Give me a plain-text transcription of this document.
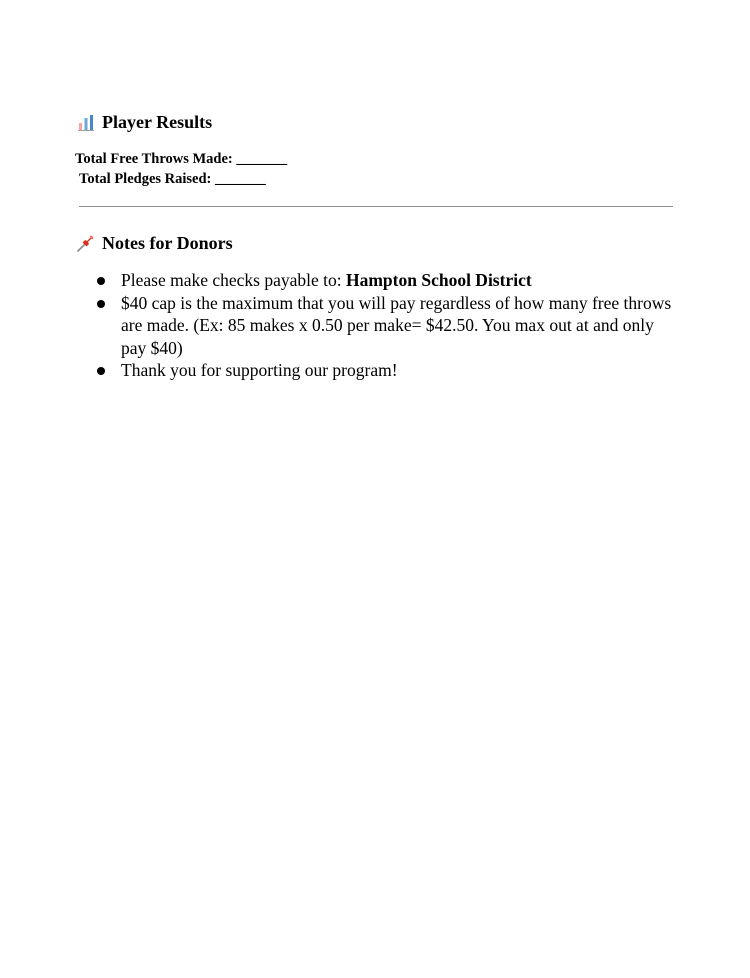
Player Results
Total Free Throws Made: _______
Total Pledges Raised: _______
Notes for Donors
Please make checks payable to: Hampton School District
$40 cap is the maximum that you will pay regardless of how many free throws are made. (Ex: 85 makes x 0.50 per make= $42.50. You max out at and only pay $40)
Thank you for supporting our program!
